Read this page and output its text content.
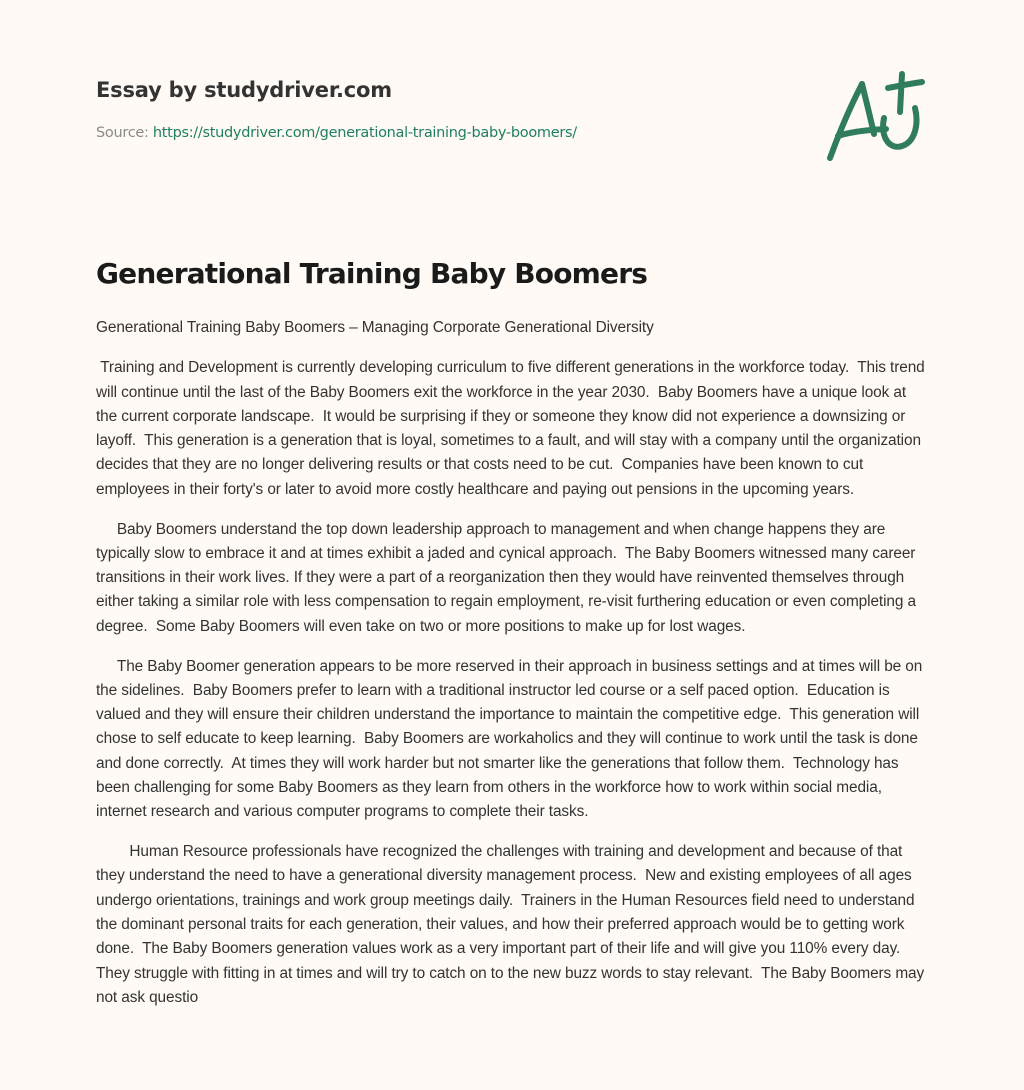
Essay by studydriver.com
Source: https://studydriver.com/generational-training-baby-boomers/
Generational Training Baby Boomers

Generational Training Baby Boomers – Managing Corporate Generational Diversity

Training and Development is currently developing curriculum to five different generations in the workforce today.  This trend will continue until the last of the Baby Boomers exit the workforce in the year 2030.  Baby Boomers have a unique look at the current corporate landscape.  It would be surprising if they or someone they know did not experience a downsizing or layoff.  This generation is a generation that is loyal, sometimes to a fault, and will stay with a company until the organization decides that they are no longer delivering results or that costs need to be cut.  Companies have been known to cut employees in their forty's or later to avoid more costly healthcare and paying out pensions in the upcoming years.

Baby Boomers understand the top down leadership approach to management and when change happens they are typically slow to embrace it and at times exhibit a jaded and cynical approach.  The Baby Boomers witnessed many career transitions in their work lives. If they were a part of a reorganization then they would have reinvented themselves through either taking a similar role with less compensation to regain employment, re-visit furthering education or even completing a degree.  Some Baby Boomers will even take on two or more positions to make up for lost wages.

The Baby Boomer generation appears to be more reserved in their approach in business settings and at times will be on the sidelines.  Baby Boomers prefer to learn with a traditional instructor led course or a self paced option.  Education is valued and they will ensure their children understand the importance to maintain the competitive edge.  This generation will chose to self educate to keep learning.  Baby Boomers are workaholics and they will continue to work until the task is done and done correctly.  At times they will work harder but not smarter like the generations that follow them.  Technology has been challenging for some Baby Boomers as they learn from others in the workforce how to work within social media, internet research and various computer programs to complete their tasks.

Human Resource professionals have recognized the challenges with training and development and because of that they understand the need to have a generational diversity management process.  New and existing employees of all ages undergo orientations, trainings and work group meetings daily.  Trainers in the Human Resources field need to understand the dominant personal traits for each generation, their values, and how their preferred approach would be to getting work done.  The Baby Boomers generation values work as a very important part of their life and will give you 110% every day.  They struggle with fitting in at times and will try to catch on to the new buzz words to stay relevant.  The Baby Boomers may not ask questio
